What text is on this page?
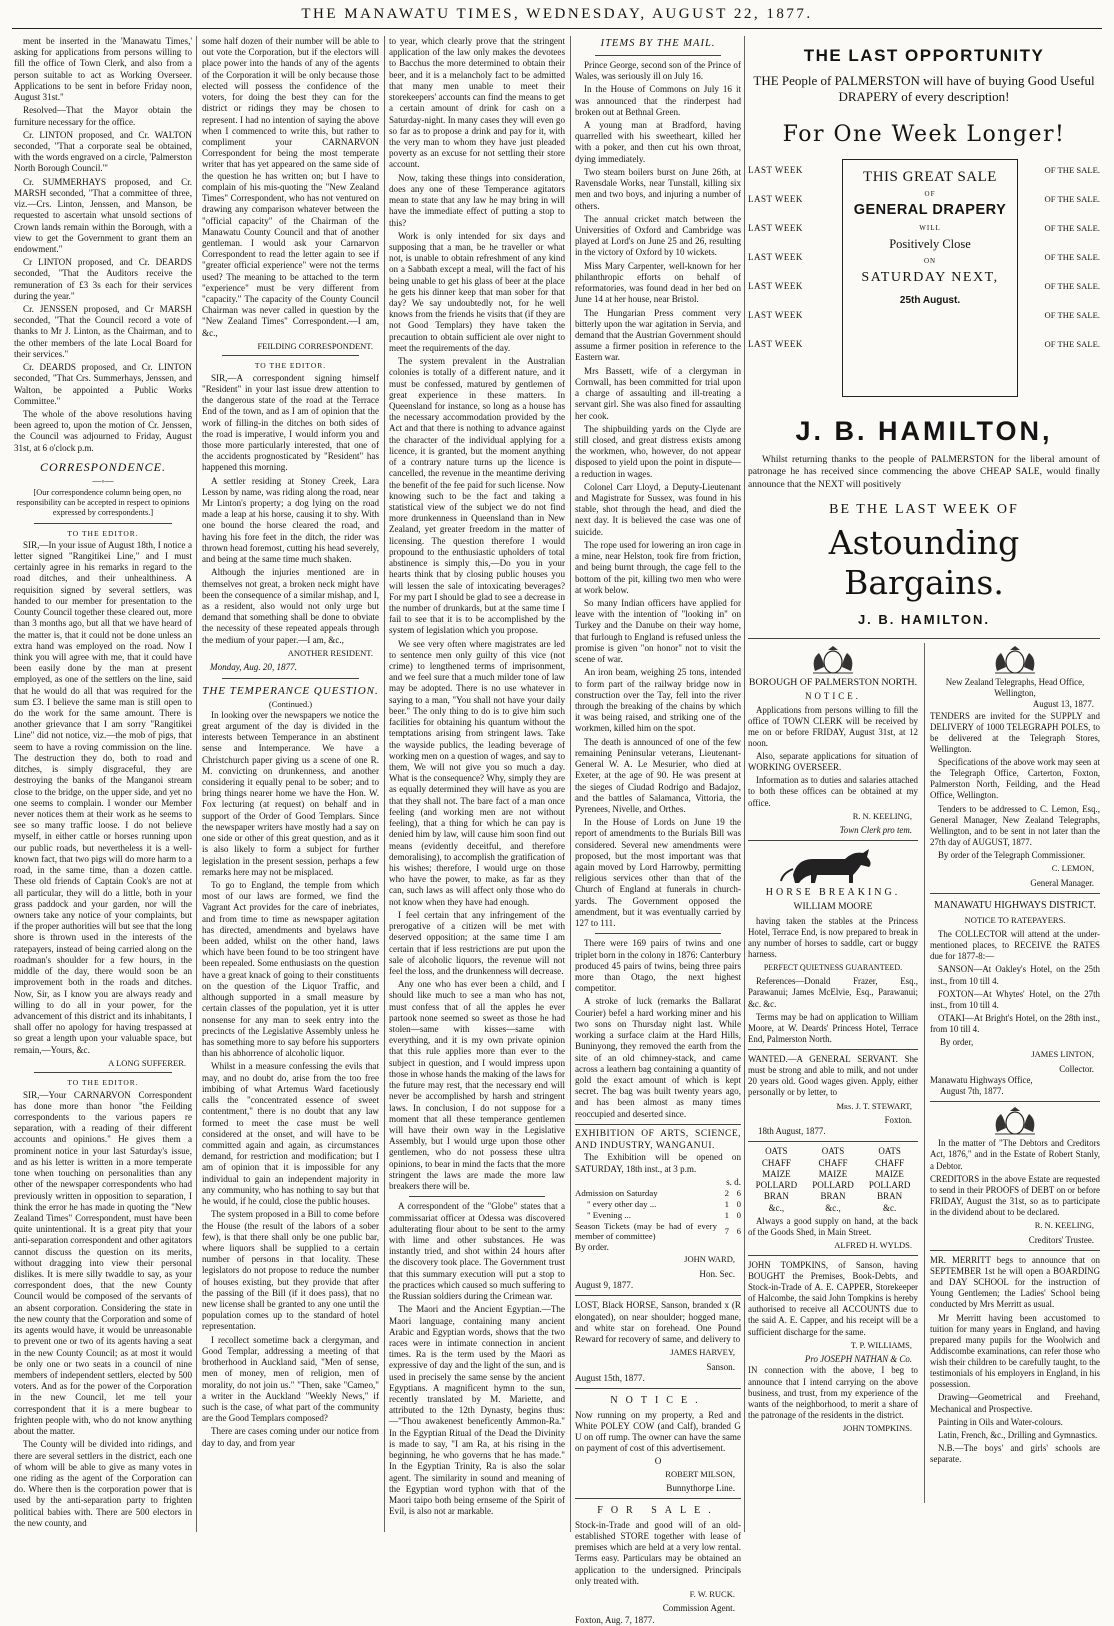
THE MANAWATU TIMES, WEDNESDAY, AUGUST 22, 1877.

ment be inserted in the 'Manawatu Times,' asking for applications from persons willing to fill the office of Town Clerk, and also from a person suitable to act as Working Overseer. Applications to be sent in before Friday noon, August 31st."

Resolved—That the Mayor obtain the furniture necessary for the office.

Cr. LINTON proposed, and Cr. WALTON seconded, "That a corporate seal be obtained, with the words engraved on a circle, 'Palmerston North Borough Council.'"

Cr. SUMMERHAYS proposed, and Cr. MARSH seconded, "That a committee of three, viz.—Crs. Linton, Jenssen, and Manson, be requested to ascertain what unsold sections of Crown lands remain within the Borough, with a view to get the Government to grant them an endowment."

Cr LINTON proposed, and Cr. DEARDS seconded, "That the Auditors receive the remuneration of £3 3s each for their services during the year."

Cr. JENSSEN proposed, and Cr MARSH seconded, "That the Council record a vote of thanks to Mr J. Linton, as the Chairman, and to the other members of the late Local Board for their services."

Cr. DEARDS proposed, and Cr. LINTON seconded, "That Crs. Summerhays, Jenssen, and Walton, be appointed a Public Works Committee."

The whole of the above resolutions having been agreed to, upon the motion of Cr. Jenssen, the Council was adjourned to Friday, August 31st, at 6 o'clock p.m.

CORRESPONDENCE.
—◦—

[Our correspondence column being open, no responsibility can be accepted in respect to opinions expressed by correspondents.]

TO THE EDITOR.

SIR,—In your issue of August 18th, I notice a letter signed "Rangitikei Line," and I must certainly agree in his remarks in regard to the road ditches, and their unhealthiness. A requisition signed by several settlers, was handed to our member for presentation to the County Council together these cleared out, more than 3 months ago, but all that we have heard of the matter is, that it could not be done unless an extra hand was employed on the road. Now I think you will agree with me, that it could have been easily done by the man at present employed, as one of the settlers on the line, said that he would do all that was required for the sum £3. I believe the same man is still open to do the work for the same amount. There is another grievance that I am sorry "Rangitikei Line" did not notice, viz.—the mob of pigs, that seem to have a roving commission on the line. The destruction they do, both to road and ditches, is simply disgraceful, they are destroying the banks of the Manganoi stream close to the bridge, on the upper side, and yet no one seems to complain. I wonder our Member never notices them at their work as he seems to see so many traffic loose. I do not believe myself, in either cattle or horses running upon our public roads, but nevertheless it is a well-known fact, that two pigs will do more harm to a road, in the same time, than a dozen cattle. These old friends of Captain Cook's are not at all particular, they will do a little, both in your grass paddock and your garden, nor will the owners take any notice of your complaints, but if the proper authorities will but see that the long shore is thrown used in the interests of the ratepayers, instead of being carried along on the roadman's shoulder for a few hours, in the middle of the day, there would soon be an improvement both in the roads and ditches. Now, Sir, as I know you are always ready and willing to do all in your power, for the advancement of this district and its inhabitants, I shall offer no apology for having trespassed at so great a length upon your valuable space, but remain,—Yours, &c.

A LONG SUFFERER.
TO THE EDITOR.

SIR,—Your CARNARVON Correspondent has done more than honor "the Feilding correspondents to the various papers re separation, with a reading of their different accounts and opinions." He gives them a prominent notice in your last Saturday's issue, and as his letter is written in a more temperate tone when touching on personalities than any other of the newspaper correspondents who had previously written in opposition to separation, I think the error he has made in quoting the "New Zealand Times" Correspondent, must have been quite unintentional. It is a great pity that your anti-separation correspondent and other agitators cannot discuss the question on its merits, without dragging into view their personal dislikes. It is mere silly twaddle to say, as your correspondent does, that the new County Council would be composed of the servants of an absent corporation. Considering the state in the new county that the Corporation and some of its agents would have, it would be unreasonable to prevent one or two of its agents having a seat in the new County Council; as at most it would be only one or two seats in a council of nine members of independent settlers, elected by 500 voters. And as for the power of the Corporation in the new Council, let me tell your correspondent that it is a mere bugbear to frighten people with, who do not know anything about the matter.

The County will be divided into ridings, and there are several settlers in the district, each one of whom will be able to give as many votes in one riding as the agent of the Corporation can do. Where then is the corporation power that is used by the anti-separation party to frighten political babies with. There are 500 electors in the new county, and

some half dozen of their number will be able to out vote the Corporation, but if the electors will place power into the hands of any of the agents of the Corporation it will be only because those elected will possess the confidence of the voters, for doing the best they can for the district or ridings they may be chosen to represent. I had no intention of saying the above when I commenced to write this, but rather to compliment your CARNARVON Correspondent for being the most temperate writer that has yet appeared on the same side of the question he has written on; but I have to complain of his mis-quoting the "New Zealand Times" Correspondent, who has not ventured on drawing any comparison whatever between the "official capacity" of the Chairman of the Manawatu County Council and that of another gentleman. I would ask your Carnarvon Correspondent to read the letter again to see if "greater official experience" were not the terms used? The meaning to be attached to the term "experience" must be very different from "capacity." The capacity of the County Council Chairman was never called in question by the "New Zealand Times" Correspondent.—I am, &c.,

FEILDING CORRESPONDENT.
TO THE EDITOR.

SIR,—A correspondent signing himself "Resident" in your last issue drew attention to the dangerous state of the road at the Terrace End of the town, and as I am of opinion that the work of filling-in the ditches on both sides of the road is imperative, I would inform you and those more particularly interested, that one of the accidents prognosticated by "Resident" has happened this morning.

A settler residing at Stoney Creek, Lara Lesson by name, was riding along the road, near Mr Linton's property; a dog lying on the road made a leap at his horse, causing it to shy. With one bound the horse cleared the road, and having his fore feet in the ditch, the rider was thrown head foremost, cutting his head severely, and being at the same time much shaken.

Although the injuries mentioned are in themselves not great, a broken neck might have been the consequence of a similar mishap, and I, as a resident, also would not only urge but demand that something shall be done to obviate the necessity of these repeated appeals through the medium of your paper.—I am, &c.,

ANOTHER RESIDENT.
Monday, Aug. 20, 1877.
THE TEMPERANCE QUESTION.
(Continued.)

In looking over the newspapers we notice the great argument of the day is divided in the interests between Temperance in an abstinent sense and Intemperance. We have a Christchurch paper giving us a scene of one R. M. convicting on drunkenness, and another considering it equally penal to be sober; and to bring things nearer home we have the Hon. W. Fox lecturing (at request) on behalf and in support of the Order of Good Templars. Since the newspaper writers have mostly had a say on one side or other of this great question, and as it is also likely to form a subject for further legislation in the present session, perhaps a few remarks here may not be misplaced.

To go to England, the temple from which most of our laws are formed, we find the Vagrant Act provides for the care of inebriates, and from time to time as newspaper agitation has directed, amendments and byelaws have been added, whilst on the other hand, laws which have been found to be too stringent have been repealed. Some enthusiasts on the question have a great knack of going to their constituents on the question of the Liquor Traffic, and although supported in a small measure by certain classes of the population, yet it is utter nonsense for any man to seek entry into the precincts of the Legislative Assembly unless he has something more to say before his supporters than his abhorrence of alcoholic liquor.

Whilst in a measure confessing the evils that may, and no doubt do, arise from the too free imbibing of what Artemus Ward facetiously calls the "concentrated essence of sweet contentment," there is no doubt that any law formed to meet the case must be well considered at the onset, and will have to be committed again and again, as circumstances demand, for restriction and modification; but I am of opinion that it is impossible for any individual to gain an independent majority in any community, who has nothing to say but that he would, if he could, close the public houses.

The system proposed in a Bill to come before the House (the result of the labors of a sober few), is that there shall only be one public bar, where liquors shall be supplied to a certain number of persons in that locality. These legislators do not propose to reduce the number of houses existing, but they provide that after the passing of the Bill (if it does pass), that no new license shall be granted to any one until the population comes up to the standard of hotel representation.

I recollect sometime back a clergyman, and Good Templar, addressing a meeting of that brotherhood in Auckland said, "Men of sense, men of money, men of religion, men of morality, do not join us." "Then, sake "Cameo," a writer in the Auckland "Weekly News," if such is the case, of what part of the community are the Good Templars composed?

There are cases coming under our notice from day to day, and from year

to year, which clearly prove that the stringent application of the law only makes the devotees to Bacchus the more determined to obtain their beer, and it is a melancholy fact to be admitted that many men unable to meet their storekeepers' accounts can find the means to get a certain amount of drink for cash on a Saturday-night. In many cases they will even go so far as to propose a drink and pay for it, with the very man to whom they have just pleaded poverty as an excuse for not settling their store account.

Now, taking these things into consideration, does any one of these Temperance agitators mean to state that any law he may bring in will have the immediate effect of putting a stop to this?

Work is only intended for six days and supposing that a man, be he traveller or what not, is unable to obtain refreshment of any kind on a Sabbath except a meal, will the fact of his being unable to get his glass of beer at the place he gets his dinner keep that man sober for that day? We say undoubtedly not, for he well knows from the friends he visits that (if they are not Good Templars) they have taken the precaution to obtain sufficient ale over night to meet the requirements of the day.

The system prevalent in the Australian colonies is totally of a different nature, and it must be confessed, matured by gentlemen of great experience in these matters. In Queensland for instance, so long as a house has the necessary accommodation provided by the Act and that there is nothing to advance against the character of the individual applying for a licence, it is granted, but the moment anything of a contrary nature turns up the licence is cancelled, the revenue in the meantime deriving the benefit of the fee paid for such license. Now knowing such to be the fact and taking a statistical view of the subject we do not find more drunkenness in Queensland than in New Zealand, yet greater freedom in the matter of licensing. The question therefore I would propound to the enthusiastic upholders of total abstinence is simply this,—Do you in your hearts think that by closing public houses you will lessen the sale of intoxicating beverages? For my part I should be glad to see a decrease in the number of drunkards, but at the same time I fail to see that it is to be accomplished by the system of legislation which you propose.

We see very often where magistrates are led to sentence men only guilty of this vice (not crime) to lengthened terms of imprisonment, and we feel sure that a much milder tone of law may be adopted. There is no use whatever in saying to a man, "You shall not have your daily beer." The only thing to do is to give him such facilities for obtaining his quantum without the temptations arising from stringent laws. Take the wayside publics, the leading beverage of working men on a question of wages, and say to them, We will not give you so much a day. What is the consequence? Why, simply they are as equally determined they will have as you are that they shall not. The bare fact of a man once feeling (and working men are not without feeling), that a thing for which he can pay is denied him by law, will cause him soon find out means (evidently deceitful, and therefore demoralising), to accomplish the gratification of his wishes; therefore, I would urge on those who have the power, to make, as far as they can, such laws as will affect only those who do not know when they have had enough.

I feel certain that any infringement of the prerogative of a citizen will be met with deserved opposition; at the same time I am certain that if less restrictions are put upon the sale of alcoholic liquors, the revenue will not feel the loss, and the drunkenness will decrease.

Any one who has ever been a child, and I should like much to see a man who has not, must confess that of all the apples he ever partook none seemed so sweet as those he had stolen—same with kisses—same with everything, and it is my own private opinion that this rule applies more than ever to the subject in question, and I would impress upon those in whose hands the making of the laws for the future may rest, that the necessary end will never be accomplished by harsh and stringent laws. In conclusion, I do not suppose for a moment that all these temperance gentlemen will have their own way in the Legislative Assembly, but I would urge upon those other gentlemen, who do not possess these ultra opinions, to bear in mind the facts that the more stringent the laws are made the more law breakers there will be.

A correspondent of the "Globe" states that a commissariat officer at Odessa was discovered adulterating flour about to be sent to the army with lime and other substances. He was instantly tried, and shot within 24 hours after the discovery took place. The Government trust that this summary execution will put a stop to the practices which caused so much suffering to the Russian soldiers during the Crimean war.

The Maori and the Ancient Egyptian.—The Maori language, containing many ancient Arabic and Egyptian words, shows that the two races were in intimate connection in ancient times. Ra is the term used by the Maori as expressive of day and the light of the sun, and is used in precisely the same sense by the ancient Egyptians. A magnificent hymn to the sun, recently translated by M. Mariette, and attributed to the 12th Dynasty, begins thus:—"Thou awakenest beneficently Ammon-Ra." In the Egyptian Ritual of the Dead the Divinity is made to say, "I am Ra, at his rising in the beginning, he who governs that he has made." In the Egyptian Trinity, Ra is also the solar agent. The similarity in sound and meaning of the Egyptian word typhon with that of the Maori taipo both being ernseme of the Spirit of Evil, is also not ar markable.

ITEMS BY THE MAIL.

Prince George, second son of the Prince of Wales, was seriously ill on July 16.

In the House of Commons on July 16 it was announced that the rinderpest had broken out at Bethnal Green.

A young man at Bradford, having quarrelled with his sweetheart, killed her with a poker, and then cut his own throat, dying immediately.

Two steam boilers burst on June 26th, at Ravensdale Works, near Tunstall, killing six men and two boys, and injuring a number of others.

The annual cricket match between the Universities of Oxford and Cambridge was played at Lord's on June 25 and 26, resulting in the victory of Oxford by 10 wickets.

Miss Mary Carpenter, well-known for her philanthropic efforts on behalf of reformatories, was found dead in her bed on June 14 at her house, near Bristol.

The Hungarian Press comment very bitterly upon the war agitation in Servia, and demand that the Austrian Government should assume a firmer position in reference to the Eastern war.

Mrs Bassett, wife of a clergyman in Cornwall, has been committed for trial upon a charge of assaulting and ill-treating a servant girl. She was also fined for assaulting her cook.

The shipbuilding yards on the Clyde are still closed, and great distress exists among the workmen, who, however, do not appear disposed to yield upon the point in dispute—a reduction in wages.

Colonel Carr Lloyd, a Deputy-Lieutenant and Magistrate for Sussex, was found in his stable, shot through the head, and died the next day. It is believed the case was one of suicide.

The rope used for lowering an iron cage in a mine, near Helston, took fire from friction, and being burnt through, the cage fell to the bottom of the pit, killing two men who were at work below.

So many Indian officers have applied for leave with the intention of "looking in" on Turkey and the Danube on their way home, that furlough to England is refused unless the promise is given "on honor" not to visit the scene of war.

An iron beam, weighing 25 tons, intended to form part of the railway bridge now in construction over the Tay, fell into the river through the breaking of the chains by which it was being raised, and striking one of the workmen, killed him on the spot.

The death is announced of one of the few remaining Peninsular veterans, Lieutenant-General W. A. Le Mesurier, who died at Exeter, at the age of 90. He was present at the sieges of Ciudad Rodrigo and Badajoz, and the battles of Salamanca, Vittoria, the Pyrenees, Nivelle, and Orthes.

In the House of Lords on June 19 the report of amendments to the Burials Bill was considered. Several new amendments were proposed, but the most important was that again moved by Lord Harrowby, permitting religious services other than that of the Church of England at funerals in church-yards. The Government opposed the amendment, but it was eventually carried by 127 to 111.

There were 169 pairs of twins and one triplet born in the colony in 1876: Canterbury produced 45 pairs of twins, being three pairs more than Otago, the next highest competitor.

A stroke of luck (remarks the Ballarat Courier) befel a hard working miner and his two sons on Thursday night last. While working a surface claim at the Hard Hills, Buninyong, they removed the earth from the site of an old chimney-stack, and came across a leathern bag containing a quantity of gold the exact amount of which is kept secret. The bag was built twenty years ago, and has been almost as many times reoccupied and deserted since.

EXHIBITION OF ARTS, SCIENCE, AND INDUSTRY, WANGANUI.

The Exhibition will be opened on SATURDAY, 18th inst., at 3 p.m.

s. d.
Admission on Saturday	2	6
" every other day ...	1	0
" Evening ...	1	0
Season Tickets (may be had of every member of committee)	7	6
By order.
JOHN WARD,
Hon. Sec.
August 9, 1877.

LOST, Black HORSE, Sanson, branded x (R elongated), on near shoulder; hogged mane, and white star on forehead. One Pound Reward for recovery of same, and delivery to

JAMES HARVEY,
Sanson.
August 15th, 1877.
NOTICE.

Now running on my property, a Red and White POLEY COW (and Calf), branded G U on off rump. The owner can have the same on payment of cost of this advertisement.

O
ROBERT MILSON,
Bunnythorpe Line.
FOR SALE.

Stock-in-Trade and good will of an old-established STORE together with lease of premises which are held at a very low rental. Terms easy. Particulars may be obtained an application to the undersigned. Principals only treated with.

F. W. RUCK.
Commission Agent.
Foxton, Aug. 7, 1877.
THE LAST OPPORTUNITY
THE People of PALMERSTON will have of buying Good Useful DRAPERY of every description!
For One Week Longer!
LAST WEEK
LAST WEEK
LAST WEEK
LAST WEEK
LAST WEEK
LAST WEEK
LAST WEEK
THIS GREAT SALE
OF
GENERAL DRAPERY
WILL
Positively Close
ON
SATURDAY NEXT,
25th August.
OF THE SALE.
OF THE SALE.
OF THE SALE.
OF THE SALE.
OF THE SALE.
OF THE SALE.
OF THE SALE.
J. B. HAMILTON,
Whilst returning thanks to the people of PALMERSTON for the liberal amount of patronage he has received since commencing the above CHEAP SALE, would finally announce that the NEXT will positively
BE THE LAST WEEK OF
Astounding Bargains.
J. B. HAMILTON.
BOROUGH OF PALMERSTON NORTH.
NOTICE.

Applications from persons willing to fill the office of TOWN CLERK will be received by me on or before FRIDAY, August 31st, at 12 noon.

Also, separate applications for situation of WORKING OVERSEER.

Information as to duties and salaries attached to both these offices can be obtained at my office.

R. N. KEELING,
Town Clerk pro tem.
HORSE BREAKING.
WILLIAM MOORE

having taken the stables at the Princess Hotel, Terrace End, is now prepared to break in any number of horses to saddle, cart or buggy harness.

PERFECT QUIETNESS GUARANTEED.

References—Donald Frazer, Esq., Parawanui; James McElvie, Esq., Parawanui; &c. &c.

Terms may be had on application to William Moore, at W. Deards' Princess Hotel, Terrace End, Palmerston North.

WANTED.—A GENERAL SERVANT. She must be strong and able to milk, and not under 20 years old. Good wages given. Apply, either personally or by letter, to

Mrs. J. T. STEWART,
Foxton.
18th August, 1877.
OATS	OATS	OATS
CHAFF	CHAFF	CHAFF
MAIZE	MAIZE	MAIZE
POLLARD	POLLARD	POLLARD
BRAN	BRAN	BRAN
&c.,	&c.,	&c.

Always a good supply on hand, at the back of the Goods Shed, in Main Street.

ALFRED H. WYLDS.

JOHN TOMPKINS, of Sanson, having BOUGHT the Premises, Book-Debts, and Stock-in-Trade of A. E. CAPPER, Storekeeper of Halcombe, the said John Tompkins is hereby authorised to receive all ACCOUNTS due to the said A. E. Capper, and his receipt will be a sufficient discharge for the same.

T. P. WILLIAMS,
Pro JOSEPH NATHAN & Co.

IN connection with the above, I beg to announce that I intend carrying on the above business, and trust, from my experience of the wants of the neighborhood, to merit a share of the patronage of the residents in the district.

JOHN TOMPKINS.
New Zealand Telegraphs, Head Office, Wellington,
August 13, 1877.

TENDERS are invited for the SUPPLY and DELIVERY of 1000 TELEGRAPH POLES, to be delivered at the Telegraph Stores, Wellington.

Specifications of the above work may seen at the Telegraph Office, Carterton, Foxton, Palmerston North, Feilding, and the Head Office, Wellington.

Tenders to be addressed to C. Lemon, Esq., General Manager, New Zealand Telegraphs, Wellington, and to be sent in not later than the 27th day of AUGUST, 1877.

By order of the Telegraph Commissioner.

C. LEMON,
General Manager.
MANAWATU HIGHWAYS DISTRICT.
NOTICE TO RATEPAYERS.

The COLLECTOR will attend at the under-mentioned places, to RECEIVE the RATES due for 1877-8:—

SANSON—At Oakley's Hotel, on the 25th inst., from 10 till 4.

FOXTON—At Whytes' Hotel, on the 27th inst., from 10 till 4.

OTAKI—At Bright's Hotel, on the 28th inst., from 10 till 4.

By order,
JAMES LINTON,
Collector.
Manawatu Highways Office,
August 7th, 1877.

In the matter of "The Debtors and Creditors Act, 1876," and in the Estate of Robert Stanly, a Debtor.

CREDITORS in the above Estate are requested to send in their PROOFS of DEBT on or before FRIDAY, August the 31st, so as to participate in the dividend about to be declared.

R. N. KEELING,
Creditors' Trustee.

MR. MERRITT begs to announce that on SEPTEMBER 1st he will open a BOARDING and DAY SCHOOL for the instruction of Young Gentlemen; the Ladies' School being conducted by Mrs Merritt as usual.

Mr Merritt having been accustomed to tuition for many years in England, and having prepared many pupils for the Woolwich and Addiscombe examinations, can refer those who wish their children to be carefully taught, to the testimonials of his employers in England, in his possession.

Drawing—Geometrical and Freehand, Mechanical and Prospective.

Painting in Oils and Water-colours.

Latin, French, &c., Drilling and Gymnastics.

N.B.—The boys' and girls' schools are separate.
